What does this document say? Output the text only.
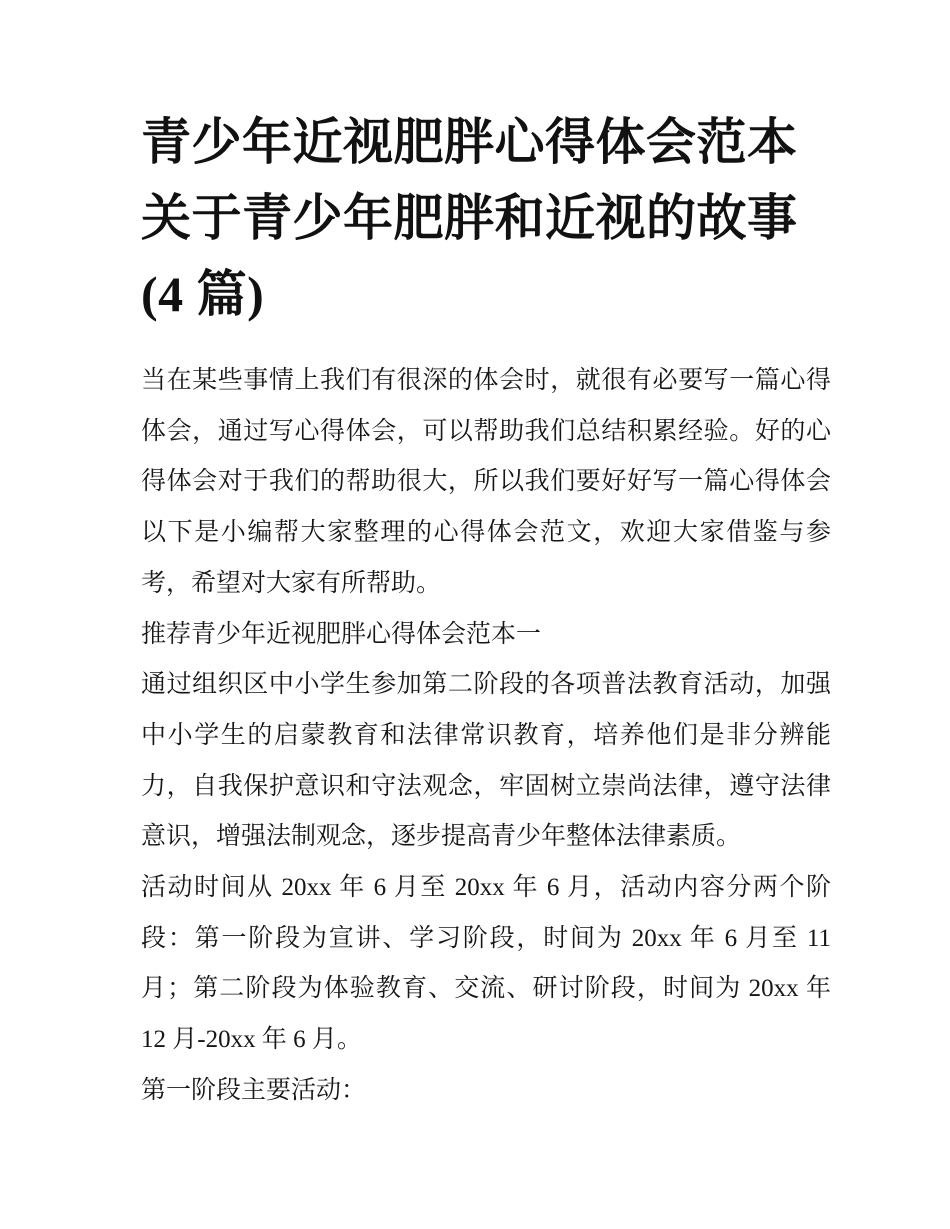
青少年近视肥胖心得体会范本
关于青少年肥胖和近视的故事
(4 篇)
当在某些事情上我们有很深的体会时，就很有必要写一篇心得
体会，通过写心得体会，可以帮助我们总结积累经验。好的心
得体会对于我们的帮助很大，所以我们要好好写一篇心得体会
以下是小编帮大家整理的心得体会范文，欢迎大家借鉴与参
考，希望对大家有所帮助。
推荐青少年近视肥胖心得体会范本一
通过组织区中小学生参加第二阶段的各项普法教育活动，加强
中小学生的启蒙教育和法律常识教育，培养他们是非分辨能
力，自我保护意识和守法观念，牢固树立崇尚法律，遵守法律
意识，增强法制观念，逐步提高青少年整体法律素质。
活动时间从 20xx 年 6 月至 20xx 年 6 月，活动内容分两个阶
段：第一阶段为宣讲、学习阶段，时间为 20xx 年 6 月至 11
月；第二阶段为体验教育、交流、研讨阶段，时间为 20xx 年
12 月-20xx 年 6 月。
第一阶段主要活动：
